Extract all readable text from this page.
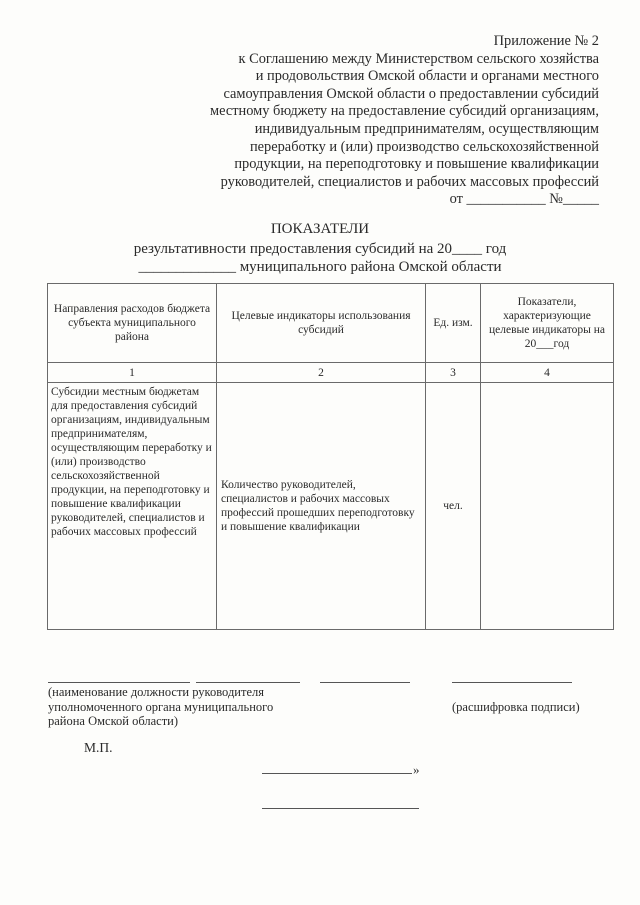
Приложение № 2
к Соглашению между Министерством сельского хозяйства
и продовольствия Омской области и органами местного
самоуправления Омской области о предоставлении субсидий
местному бюджету на предоставление субсидий организациям,
индивидуальным предпринимателям, осуществляющим
переработку и (или) производство сельскохозяйственной
продукции, на переподготовку и повышение квалификации
руководителей, специалистов и рабочих массовых профессий
от ___________ №_____
ПОКАЗАТЕЛИ
результативности предоставления субсидий на 20____ год
_____________ муниципального района Омской области
Направления расходов бюджета субъекта муниципального района	Целевые индикаторы использования субсидий	Ед. изм.	Показатели, характеризующие целевые индикаторы на 20___год
1	2	3	4
Субсидии местным бюджетам для предоставления субсидий организациям, индивидуальным предпринимателям, осуществляющим переработку и (или) производство сельскохозяйственной продукции, на переподготовку и повышение квалификации руководителей, специалистов и рабочих массовых профессий	Количество руководителей, специалистов и рабочих массовых профессий прошедших переподготовку и повышение квалификации	чел.	
(наименование должности руководителя уполномоченного органа муниципального района Омской области)
(расшифровка подписи)
М.П.
»
